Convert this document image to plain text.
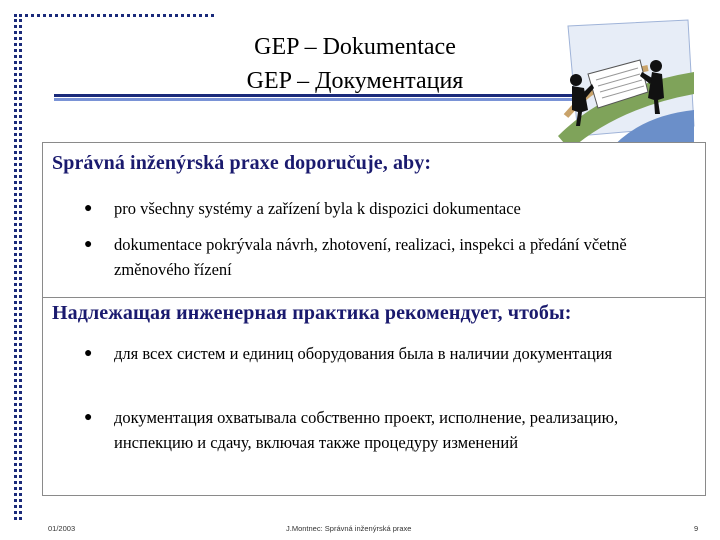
GEP – Dokumentace
GEP – Документация
Správná inženýrská praxe doporučuje, aby:
●	pro všechny systémy a zařízení byla k dispozici dokumentace
●	dokumentace pokrývala návrh, zhotovení, realizaci, inspekci a předání včetně změnového řízení
Надлежащая инженерная практика рекомендует, чтобы:
●	для всех систем и единиц оборудования была в наличии документация
●	документация охватывала собственно проект, исполнение, реализацию, инспекцию и сдачу, включая также процедуру изменений
01/2003	J.Montnec: Správná inženýrská praxe	9
